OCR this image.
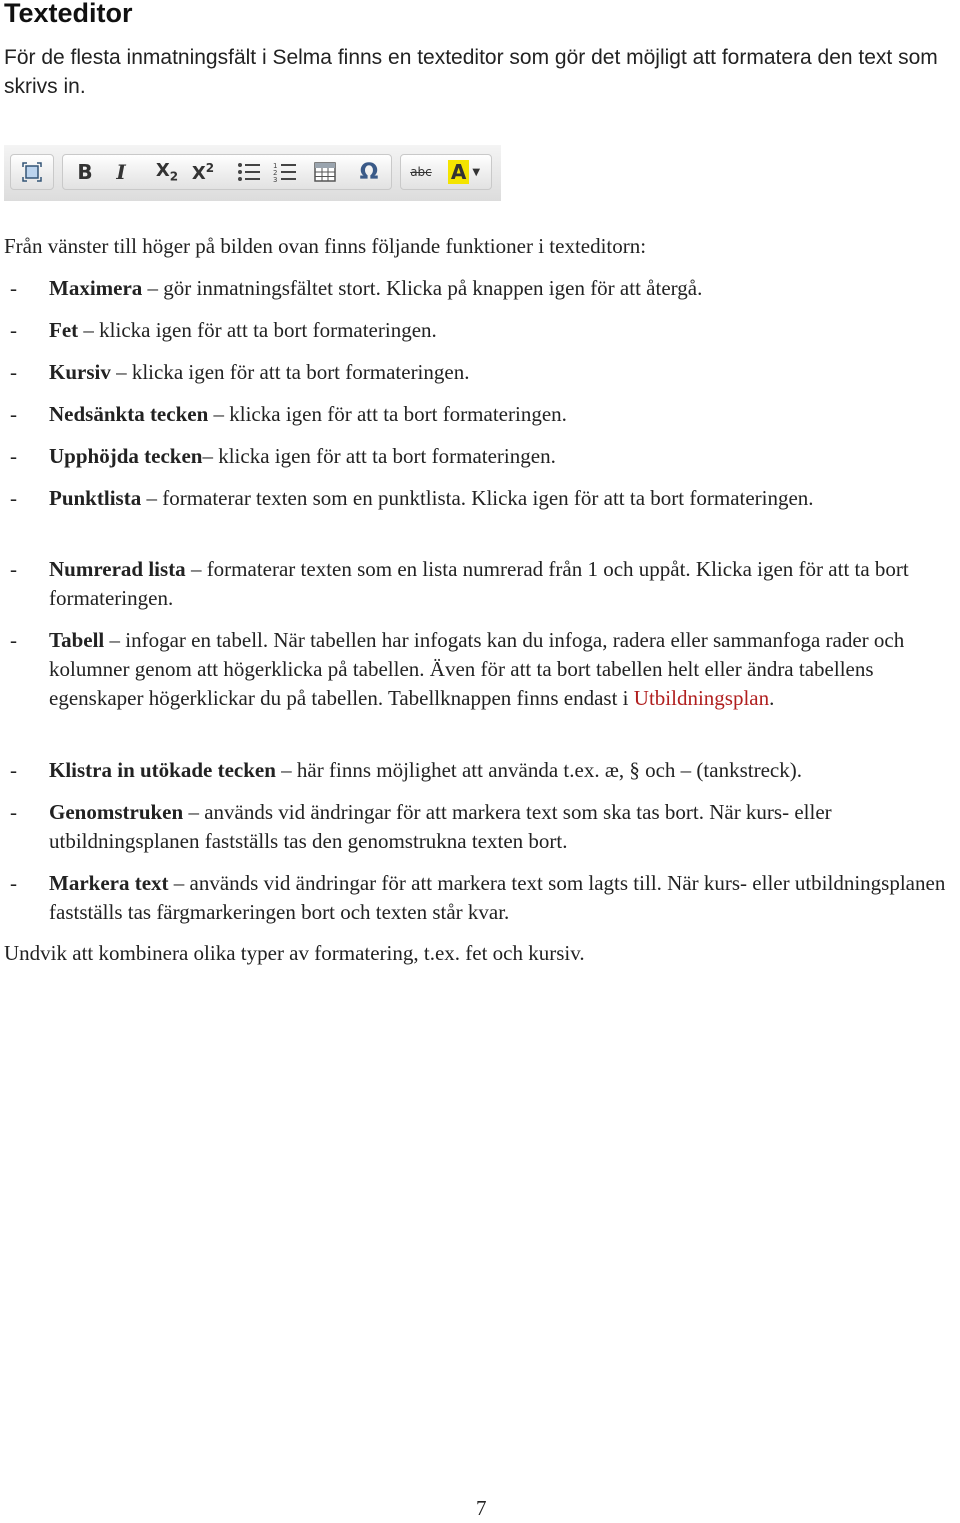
Texteditor

För de flesta inmatningsfält i Selma finns en texteditor som gör det möjligt att formatera den text som skrivs in.

B I $X_2$ $X^2$	1
2
3	Ω	abc A ▼

Från vänster till höger på bilden ovan finns följande funktioner i texteditorn:

- Maximera – gör inmatningsfältet stort. Klicka på knappen igen för att återgå.
- Fet – klicka igen för att ta bort formateringen.
- Kursiv – klicka igen för att ta bort formateringen.
- Nedsänkta tecken – klicka igen för att ta bort formateringen.
- Upphöjda tecken– klicka igen för att ta bort formateringen.
- Punktlista – formaterar texten som en punktlista. Klicka igen för att ta bort formateringen.
- Numrerad lista – formaterar texten som en lista numrerad från 1 och uppåt. Klicka igen för att ta bort formateringen.
- Tabell – infogar en tabell. När tabellen har infogats kan du infoga, radera eller sammanfoga rader och kolumner genom att högerklicka på tabellen. Även för att ta bort tabellen helt eller ändra tabellens egenskaper högerklickar du på tabellen. Tabellknappen finns endast i Utbildningsplan.
- Klistra in utökade tecken – här finns möjlighet att använda t.ex. æ, § och – (tankstreck).
- Genomstruken – används vid ändringar för att markera text som ska tas bort. När kurs- eller utbildningsplanen fastställs tas den genomstrukna texten bort.
- Markera text – används vid ändringar för att markera text som lagts till. När kurs- eller utbildningsplanen fastställs tas färgmarkeringen bort och texten står kvar.

Undvik att kombinera olika typer av formatering, t.ex. fet och kursiv.

7
